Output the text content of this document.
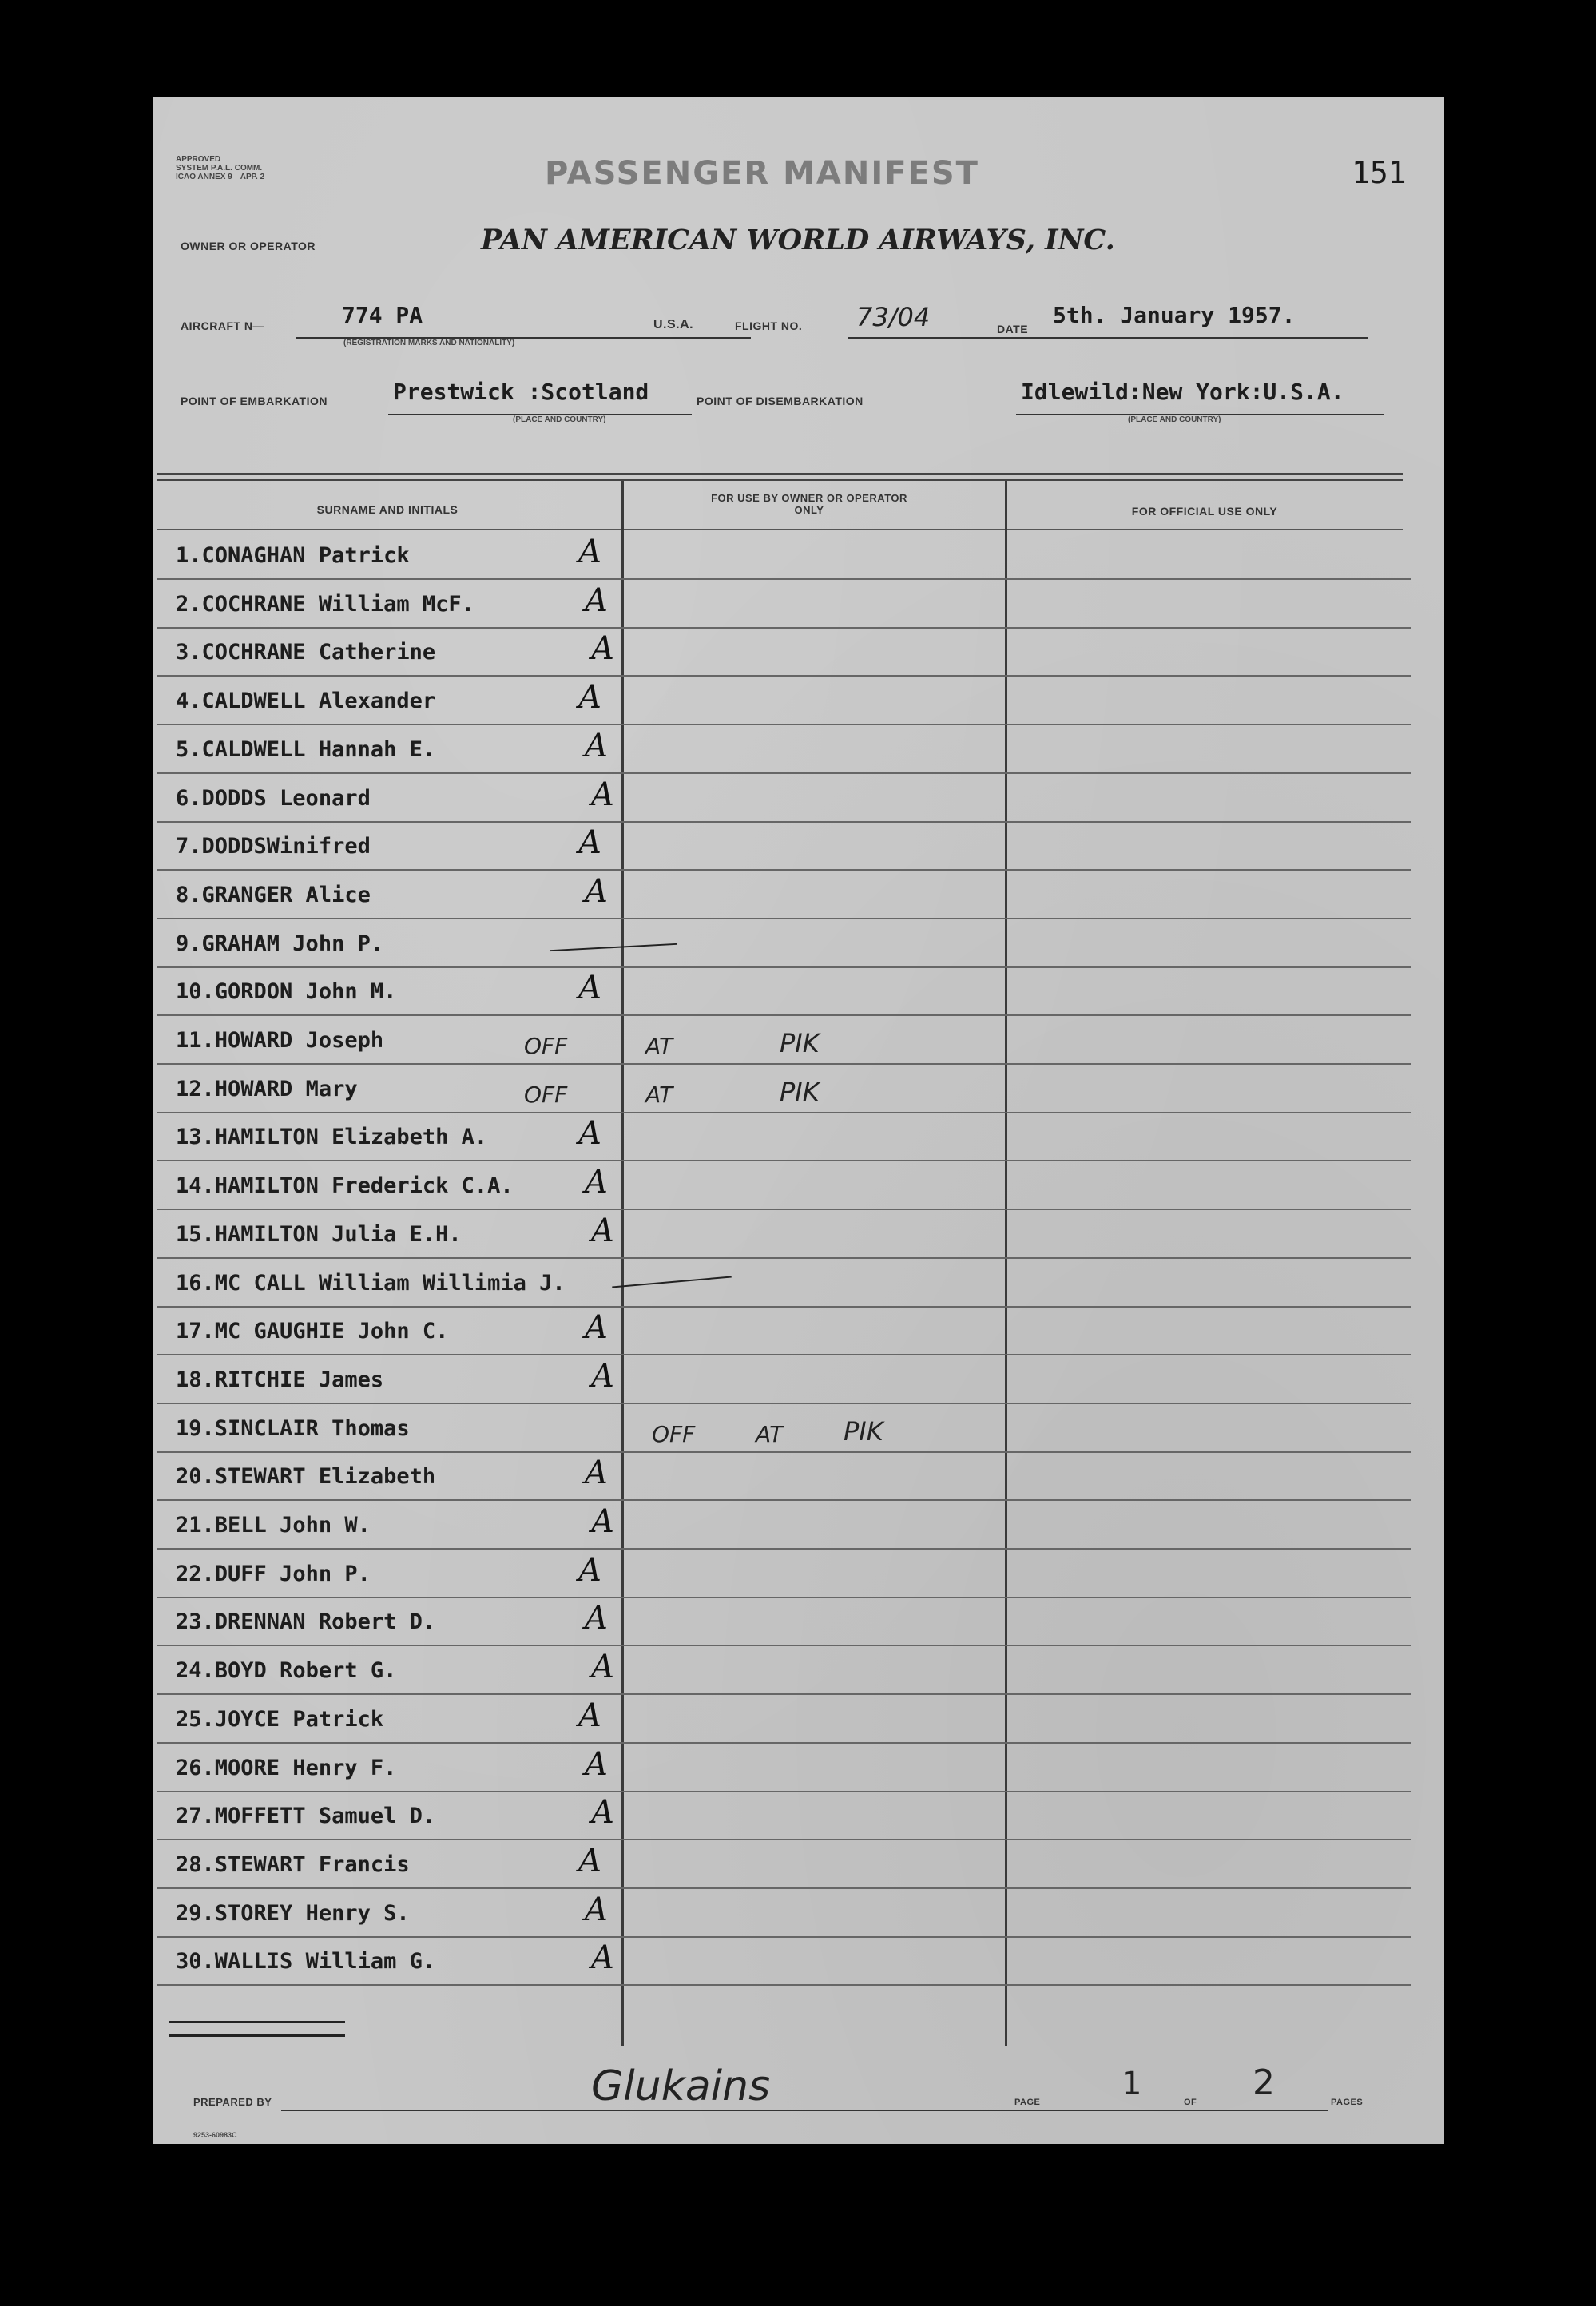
APPROVED
SYSTEM P.A.L. COMM.
ICAO ANNEX 9—APP. 2	PASSENGER MANIFEST	151
OWNER OR OPERATOR	PAN AMERICAN WORLD AIRWAYS, INC.
AIRCRAFT N—	774 PA
(REGISTRATION MARKS AND NATIONALITY)
U.S.A.	FLIGHT NO. 73/04	DATE
5th. January 1957.
POINT OF EMBARKATION	Prestwick :Scotland
(PLACE AND COUNTRY)
POINT OF DISEMBARKATION	Idlewild:New York:U.S.A.
(PLACE AND COUNTRY)
SURNAME AND INITIALS
FOR USE BY OWNER OR OPERATOR ONLY	FOR OFFICIAL USE ONLY
1.CONAGHAN Patrick	A
2.COCHRANE William McF.	A
3.COCHRANE Catherine	A
4.CALDWELL Alexander	A
5.CALDWELL Hannah E.	A
6.DODDS Leonard	A
7.DODDSWinifred	A
8.GRANGER Alice	A
9.GRAHAM John P.
10.GORDON John M.	A
11.HOWARD Joseph	OFF	AT	PIK
12.HOWARD Mary	OFF	AT	PIK
13.HAMILTON Elizabeth A.	A
14.HAMILTON Frederick C.A. A
15.HAMILTON Julia E.H.	A
16.MC CALL William Willimia J.
17.MC GAUGHIE John C.	A
18.RITCHIE James	A
19.SINCLAIR Thomas	OFF	AT PIK
20.STEWART Elizabeth	A
21.BELL John W.	A
22.DUFF John P.	A
23.DRENNAN Robert D.	A
24.BOYD Robert G.	A
25.JOYCE Patrick	A
26.MOORE Henry F.	A
27.MOFFETT Samuel D.	A
28.STEWART Francis	A
29.STOREY Henry S.	A
30.WALLIS William G.	A
PREPARED BY	Glukains	PAGE	1	OF 2	PAGES
9253-60983C
